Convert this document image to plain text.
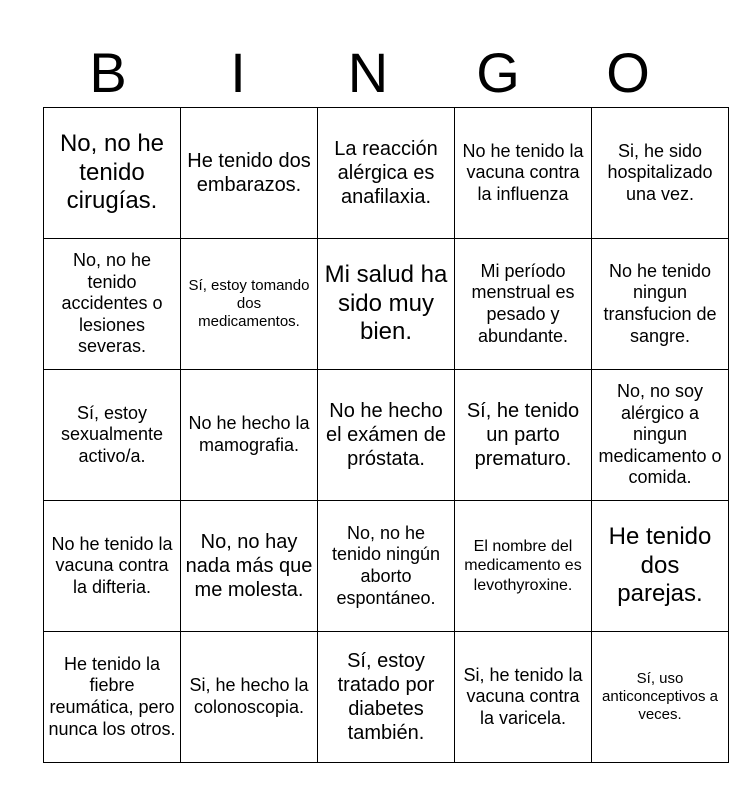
B	I	N	G	O
No, no he tenido cirugías.	He tenido dos embarazos.	La reacción alérgica es anafilaxia.	No he tenido la vacuna contra la influenza	Si, he sido hospitalizado una vez.
No, no he tenido accidentes o lesiones severas.	Sí, estoy tomando dos medicamentos.	Mi salud ha sido muy bien.	Mi período menstrual es pesado y abundante.	No he tenido ningun transfucion de sangre.
Sí, estoy sexualmente activo/a.	No he hecho la mamografia.	No he hecho el exámen de próstata.	Sí, he tenido un parto prematuro.	No, no soy alérgico a ningun medicamento o comida.
No he tenido la vacuna contra la difteria.	No, no hay nada más que me molesta.	No, no he tenido ningún aborto espontáneo.	El nombre del medicamento es levothyroxine.	He tenido dos parejas.
He tenido la fiebre reumática, pero nunca los otros.	Si, he hecho la colonoscopia.	Sí, estoy tratado por diabetes también.	Si, he tenido la vacuna contra la varicela.	Sí, uso anticonceptivos a veces.
